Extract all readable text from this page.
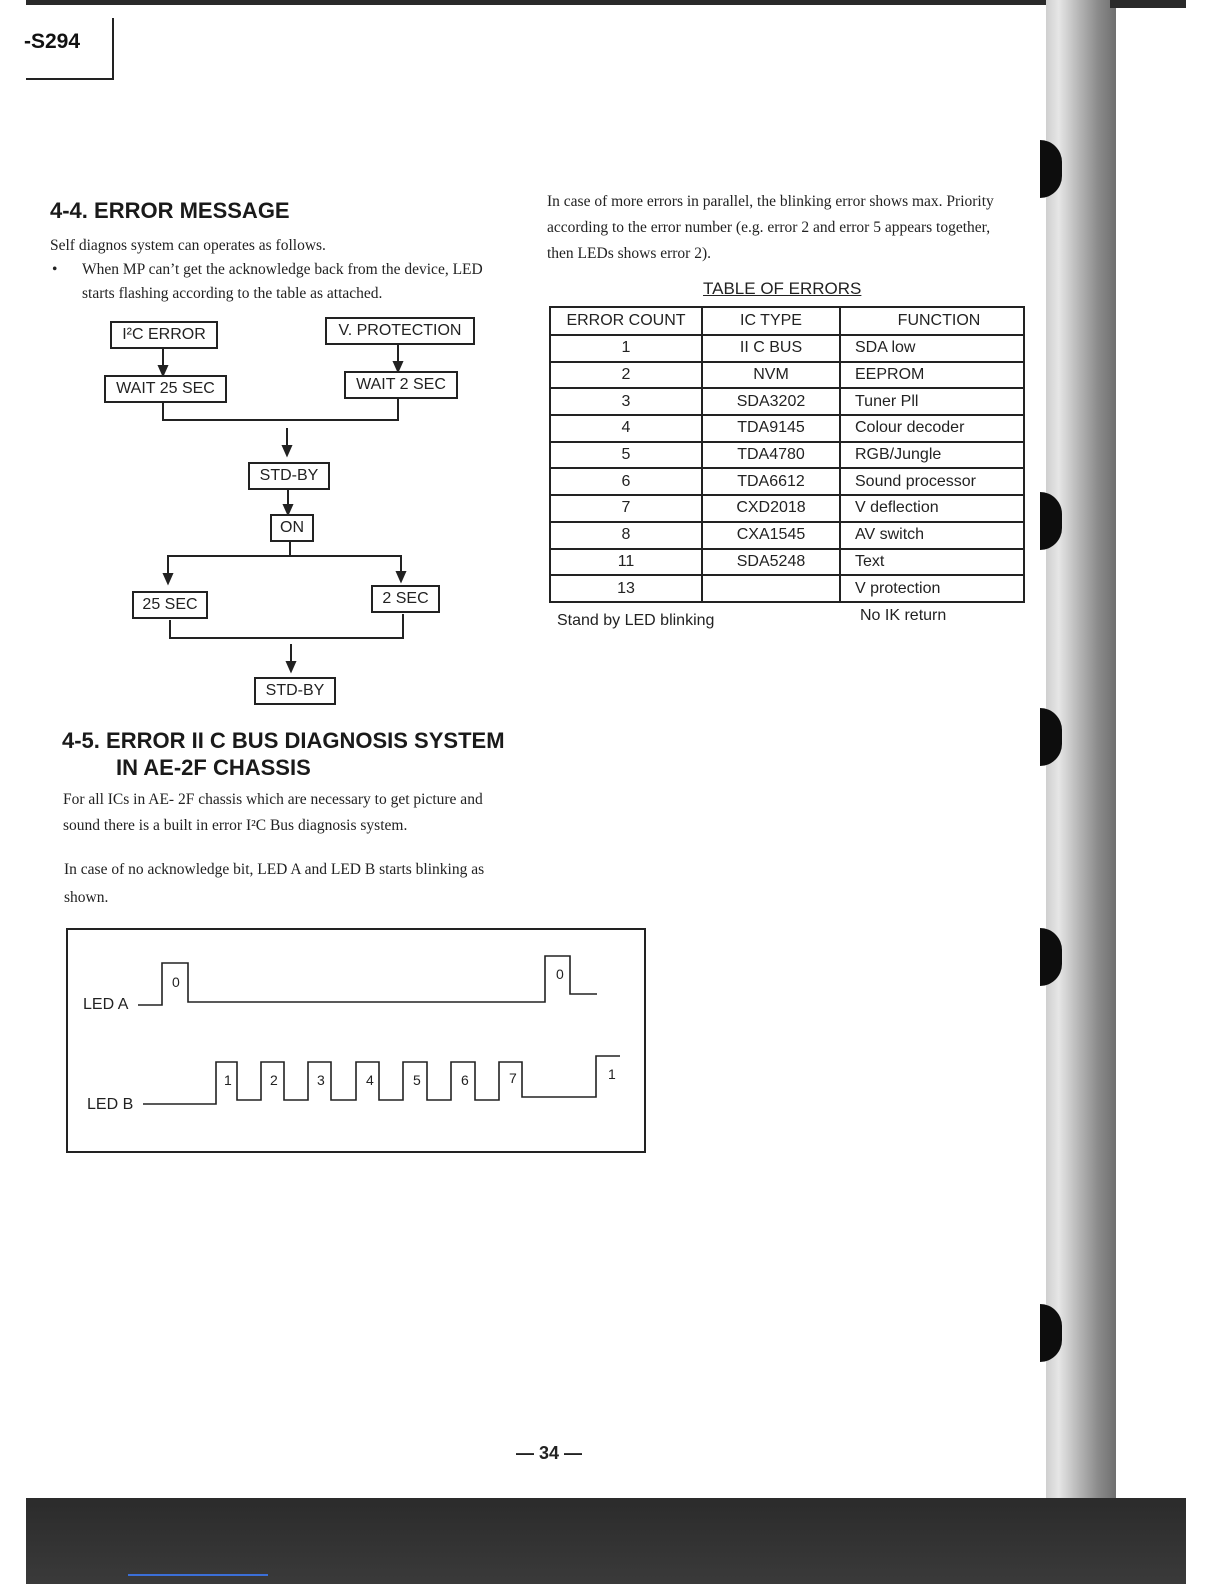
-S294
4-4. ERROR MESSAGE
Self diagnos system can operates as follows.
• When MP can’t get the acknowledge back from the device, LED
starts flashing according to the table as attached.
I²C ERROR	V. PROTECTION
WAIT 25 SEC	WAIT 2 SEC
STD-BY
ON
25 SEC	2 SEC
STD-BY
4-5. ERROR II C BUS DIAGNOSIS SYSTEM
IN AE-2F CHASSIS
For all ICs in AE- 2F chassis which are necessary to get picture and
sound there is a built in error I²C Bus diagnosis system.
In case of no acknowledge bit, LED A and LED B starts blinking as
shown.
In case of more errors in parallel, the blinking error shows max. Priority
according to the error number (e.g. error 2 and error 5 appears together,
then LEDs shows error 2).
TABLE OF ERRORS
ERROR COUNT	IC TYPE	FUNCTION
1	II C BUS	SDA low
2	NVM	EEPROM
3	SDA3202	Tuner Pll
4	TDA9145	Colour decoder
5	TDA4780	RGB/Jungle
6	TDA6612	Sound processor
7	CXD2018	V deflection
8	CXA1545	AV switch
11	SDA5248	Text
13		V protection
Stand by LED blinking	No IK return
LED A
LED B
0	0
1	2	3	4	5	6	7	1
— 34 —
